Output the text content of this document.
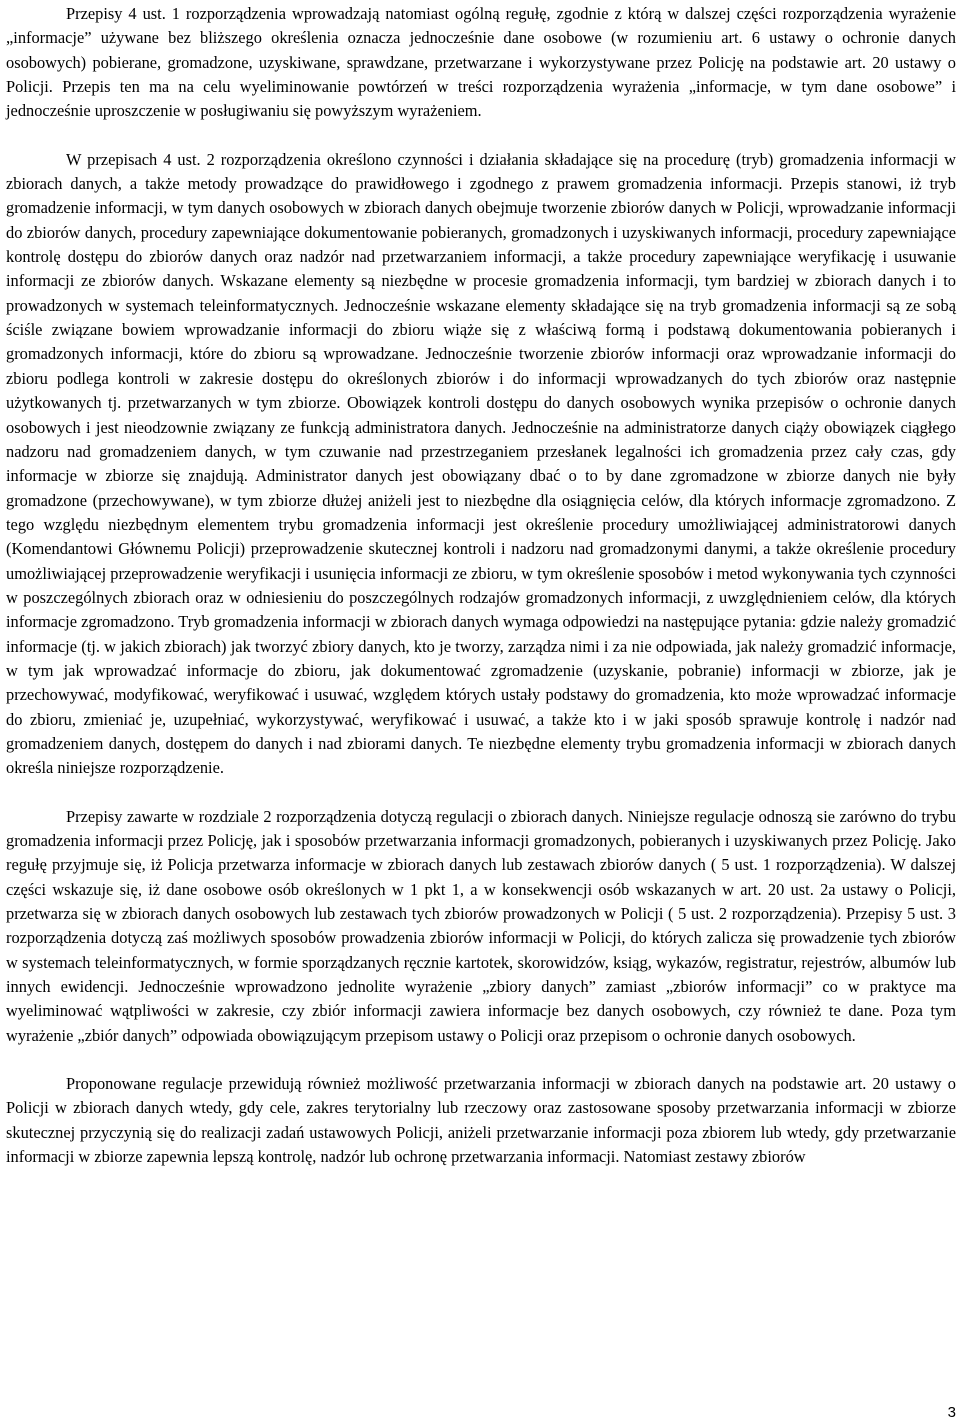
Przepisy 4 ust. 1 rozporządzenia wprowadzają natomiast ogólną regułę, zgodnie z którą w dalszej części rozporządzenia wyrażenie „informacje” używane bez bliższego określenia oznacza jednocześnie dane osobowe (w rozumieniu art. 6 ustawy o ochronie danych osobowych) pobierane, gromadzone, uzyskiwane, sprawdzane, przetwarzane i wykorzystywane przez Policję na podstawie art. 20 ustawy o Policji. Przepis ten ma na celu wyeliminowanie powtórzeń w treści rozporządzenia wyrażenia „informacje, w tym dane osobowe” i jednocześnie uproszczenie w posługiwaniu się powyższym wyrażeniem.

W przepisach 4 ust. 2 rozporządzenia określono czynności i działania składające się na procedurę (tryb) gromadzenia informacji w zbiorach danych, a także metody prowadzące do prawidłowego i zgodnego z prawem gromadzenia informacji. Przepis stanowi, iż tryb gromadzenie informacji, w tym danych osobowych w zbiorach danych obejmuje tworzenie zbiorów danych w Policji, wprowadzanie informacji do zbiorów danych, procedury zapewniające dokumentowanie pobieranych, gromadzonych i uzyskiwanych informacji, procedury zapewniające kontrolę dostępu do zbiorów danych oraz nadzór nad przetwarzaniem informacji, a także procedury zapewniające weryfikację i usuwanie informacji ze zbiorów danych. Wskazane elementy są niezbędne w procesie gromadzenia informacji, tym bardziej w zbiorach danych i to prowadzonych w systemach teleinformatycznych. Jednocześnie wskazane elementy składające się na tryb gromadzenia informacji są ze sobą ściśle związane bowiem wprowadzanie informacji do zbioru wiąże się z właściwą formą i podstawą dokumentowania pobieranych i gromadzonych informacji, które do zbioru są wprowadzane. Jednocześnie tworzenie zbiorów informacji oraz wprowadzanie informacji do zbioru podlega kontroli w zakresie dostępu do określonych zbiorów i do informacji wprowadzanych do tych zbiorów oraz następnie użytkowanych tj. przetwarzanych w tym zbiorze. Obowiązek kontroli dostępu do danych osobowych wynika przepisów o ochronie danych osobowych i jest nieodzownie związany ze funkcją administratora danych. Jednocześnie na administratorze danych ciąży obowiązek ciągłego nadzoru nad gromadzeniem danych, w tym czuwanie nad przestrzeganiem przesłanek legalności ich gromadzenia przez cały czas, gdy informacje w zbiorze się znajdują. Administrator danych jest obowiązany dbać o to by dane zgromadzone w zbiorze danych nie były gromadzone (przechowywane), w tym zbiorze dłużej aniżeli jest to niezbędne dla osiągnięcia celów, dla których informacje zgromadzono. Z tego względu niezbędnym elementem trybu gromadzenia informacji jest określenie procedury umożliwiającej administratorowi danych (Komendantowi Głównemu Policji) przeprowadzenie skutecznej kontroli i nadzoru nad gromadzonymi danymi, a także określenie procedury umożliwiającej przeprowadzenie weryfikacji i usunięcia informacji ze zbioru, w tym określenie sposobów i metod wykonywania tych czynności w poszczególnych zbiorach oraz w odniesieniu do poszczególnych rodzajów gromadzonych informacji, z uwzględnieniem celów, dla których informacje zgromadzono. Tryb gromadzenia informacji w zbiorach danych wymaga odpowiedzi na następujące pytania: gdzie należy gromadzić informacje (tj. w jakich zbiorach) jak tworzyć zbiory danych, kto je tworzy, zarządza nimi i za nie odpowiada, jak należy gromadzić informacje, w tym jak wprowadzać informacje do zbioru, jak dokumentować zgromadzenie (uzyskanie, pobranie) informacji w zbiorze, jak je przechowywać, modyfikować, weryfikować i usuwać, względem których ustały podstawy do gromadzenia, kto może wprowadzać informacje do zbioru, zmieniać je, uzupełniać, wykorzystywać, weryfikować i usuwać, a także kto i w jaki sposób sprawuje kontrolę i nadzór nad gromadzeniem danych, dostępem do danych i nad zbiorami danych. Te niezbędne elementy trybu gromadzenia informacji w zbiorach danych określa niniejsze rozporządzenie.

Przepisy zawarte w rozdziale 2 rozporządzenia dotyczą regulacji o zbiorach danych. Niniejsze regulacje odnoszą sie zarówno do trybu gromadzenia informacji przez Policję, jak i sposobów przetwarzania informacji gromadzonych, pobieranych i uzyskiwanych przez Policję. Jako regułę przyjmuje się, iż Policja przetwarza informacje w zbiorach danych lub zestawach zbiorów danych ( 5 ust. 1 rozporządzenia). W dalszej części wskazuje się, iż dane osobowe osób określonych w 1 pkt 1, a w konsekwencji osób wskazanych w art. 20 ust. 2a ustawy o Policji, przetwarza się w zbiorach danych osobowych lub zestawach tych zbiorów prowadzonych w Policji ( 5 ust. 2 rozporządzenia). Przepisy 5 ust. 3 rozporządzenia dotyczą zaś możliwych sposobów prowadzenia zbiorów informacji w Policji, do których zalicza się prowadzenie tych zbiorów w systemach teleinformatycznych, w formie sporządzanych ręcznie kartotek, skorowidzów, ksiąg, wykazów, registratur, rejestrów, albumów lub innych ewidencji. Jednocześnie wprowadzono jednolite wyrażenie „zbiory danych” zamiast „zbiorów informacji” co w praktyce ma wyeliminować wątpliwości w zakresie, czy zbiór informacji zawiera informacje bez danych osobowych, czy również te dane. Poza tym wyrażenie „zbiór danych” odpowiada obowiązującym przepisom ustawy o Policji oraz przepisom o ochronie danych osobowych.

Proponowane regulacje przewidują również możliwość przetwarzania informacji w zbiorach danych na podstawie art. 20 ustawy o Policji w zbiorach danych wtedy, gdy cele, zakres terytorialny lub rzeczowy oraz zastosowane sposoby przetwarzania informacji w zbiorze skutecznej przyczynią się do realizacji zadań ustawowych Policji, aniżeli przetwarzanie informacji poza zbiorem lub wtedy, gdy przetwarzanie informacji w zbiorze zapewnia lepszą kontrolę, nadzór lub ochronę przetwarzania informacji. Natomiast zestawy zbiorów

3
